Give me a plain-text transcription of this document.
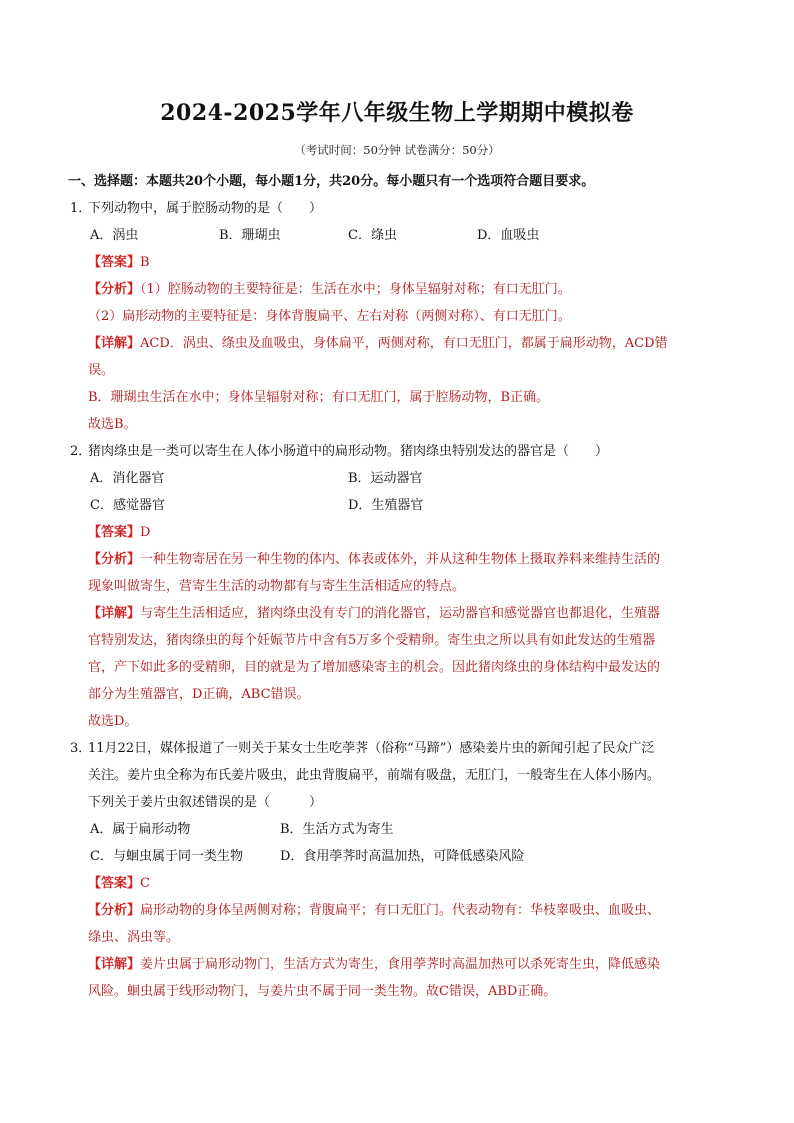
2024-2025学年八年级生物上学期期中模拟卷
（考试时间：50分钟 试卷满分：50分）
一、选择题：本题共20个小题，每小题1分，共20分。每小题只有一个选项符合题目要求。
1．下列动物中，属于腔肠动物的是（　　）
A．涡虫	B．珊瑚虫	C．绦虫	D．血吸虫
【答案】B
【分析】（1）腔肠动物的主要特征是：生活在水中；身体呈辐射对称；有口无肛门。
（2）扁形动物的主要特征是：身体背腹扁平、左右对称（两侧对称）、有口无肛门。
【详解】ACD．涡虫、绦虫及血吸虫，身体扁平，两侧对称，有口无肛门，都属于扁形动物，ACD错
误。
B．珊瑚虫生活在水中；身体呈辐射对称；有口无肛门，属于腔肠动物，B正确。
故选B。
2．猪肉绦虫是一类可以寄生在人体小肠道中的扁形动物。猪肉绦虫特别发达的器官是（　　）
A．消化器官	B．运动器官
C．感觉器官	D．生殖器官
【答案】D
【分析】一种生物寄居在另一种生物的体内、体表或体外，并从这种生物体上摄取养料来维持生活的
现象叫做寄生，营寄生生活的动物都有与寄生生活相适应的特点。
【详解】与寄生生活相适应，猪肉绦虫没有专门的消化器官，运动器官和感觉器官也都退化，生殖器
官特别发达，猪肉绦虫的每个妊娠节片中含有5万多个受精卵。寄生虫之所以具有如此发达的生殖器
官，产下如此多的受精卵，目的就是为了增加感染寄主的机会。因此猪肉绦虫的身体结构中最发达的
部分为生殖器官，D正确，ABC错误。
故选D。
3．11月22日，媒体报道了一则关于某女士生吃荸荠（俗称“马蹄”）感染姜片虫的新闻引起了民众广泛
关注。姜片虫全称为布氏姜片吸虫，此虫背腹扁平，前端有吸盘，无肛门，一般寄生在人体小肠内。
下列关于姜片虫叙述错误的是（　　　）
A．属于扁形动物	B．生活方式为寄生
C．与蛔虫属于同一类生物	D．食用荸荠时高温加热，可降低感染风险
【答案】C
【分析】扁形动物的身体呈两侧对称；背腹扁平；有口无肛门。代表动物有：华枝睾吸虫、血吸虫、
绦虫、涡虫等。
【详解】姜片虫属于扁形动物门，生活方式为寄生，食用荸荠时高温加热可以杀死寄生虫，降低感染
风险。蛔虫属于线形动物门，与姜片虫不属于同一类生物。故C错误，ABD正确。
